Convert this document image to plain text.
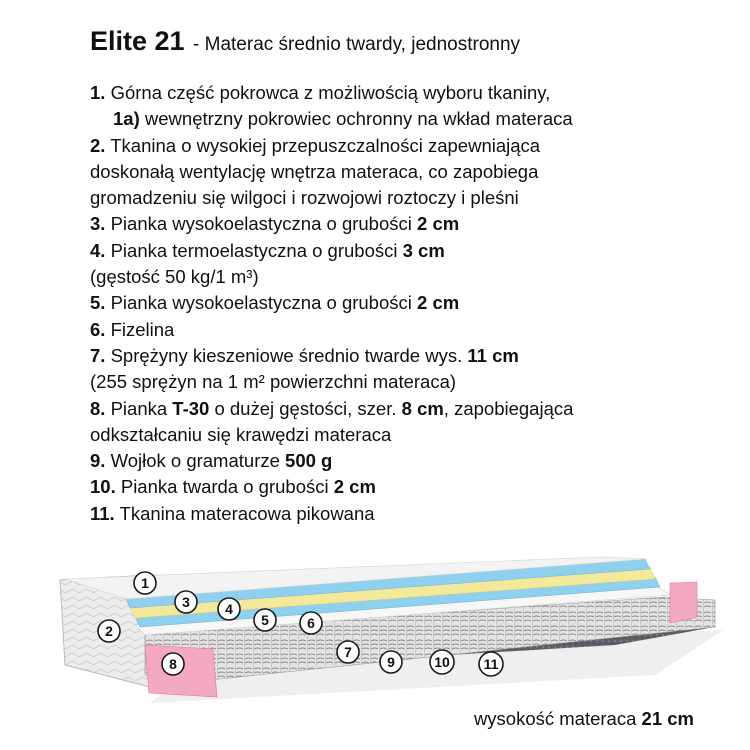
Elite 21 - Materac średnio twardy, jednostronny
1. Górna część pokrowca z możliwością wyboru tkaniny,
1a) wewnętrzny pokrowiec ochronny na wkład materaca
2. Tkanina o wysokiej przepuszczalności zapewniająca
doskonałą wentylację wnętrza materaca, co zapobiega
gromadzeniu się wilgoci i rozwojowi roztoczy i pleśni
3. Pianka wysokoelastyczna o grubości 2 cm
4. Pianka termoelastyczna o grubości 3 cm
(gęstość 50 kg/1 m³)
5. Pianka wysokoelastyczna o grubości 2 cm
6. Fizelina
7. Sprężyny kieszeniowe średnio twarde wys. 11 cm
(255 sprężyn na 1 m² powierzchni materaca)
8. Pianka T-30 o dużej gęstości, szer. 8 cm, zapobiegająca
odkształcaniu się krawędzi materaca
9. Wojłok o gramaturze 500 g
10. Pianka twarda o grubości 2 cm
11. Tkanina materacowa pikowana
1
2
3	4
5	6
7
8	9	10 11
wysokość materaca 21 cm
